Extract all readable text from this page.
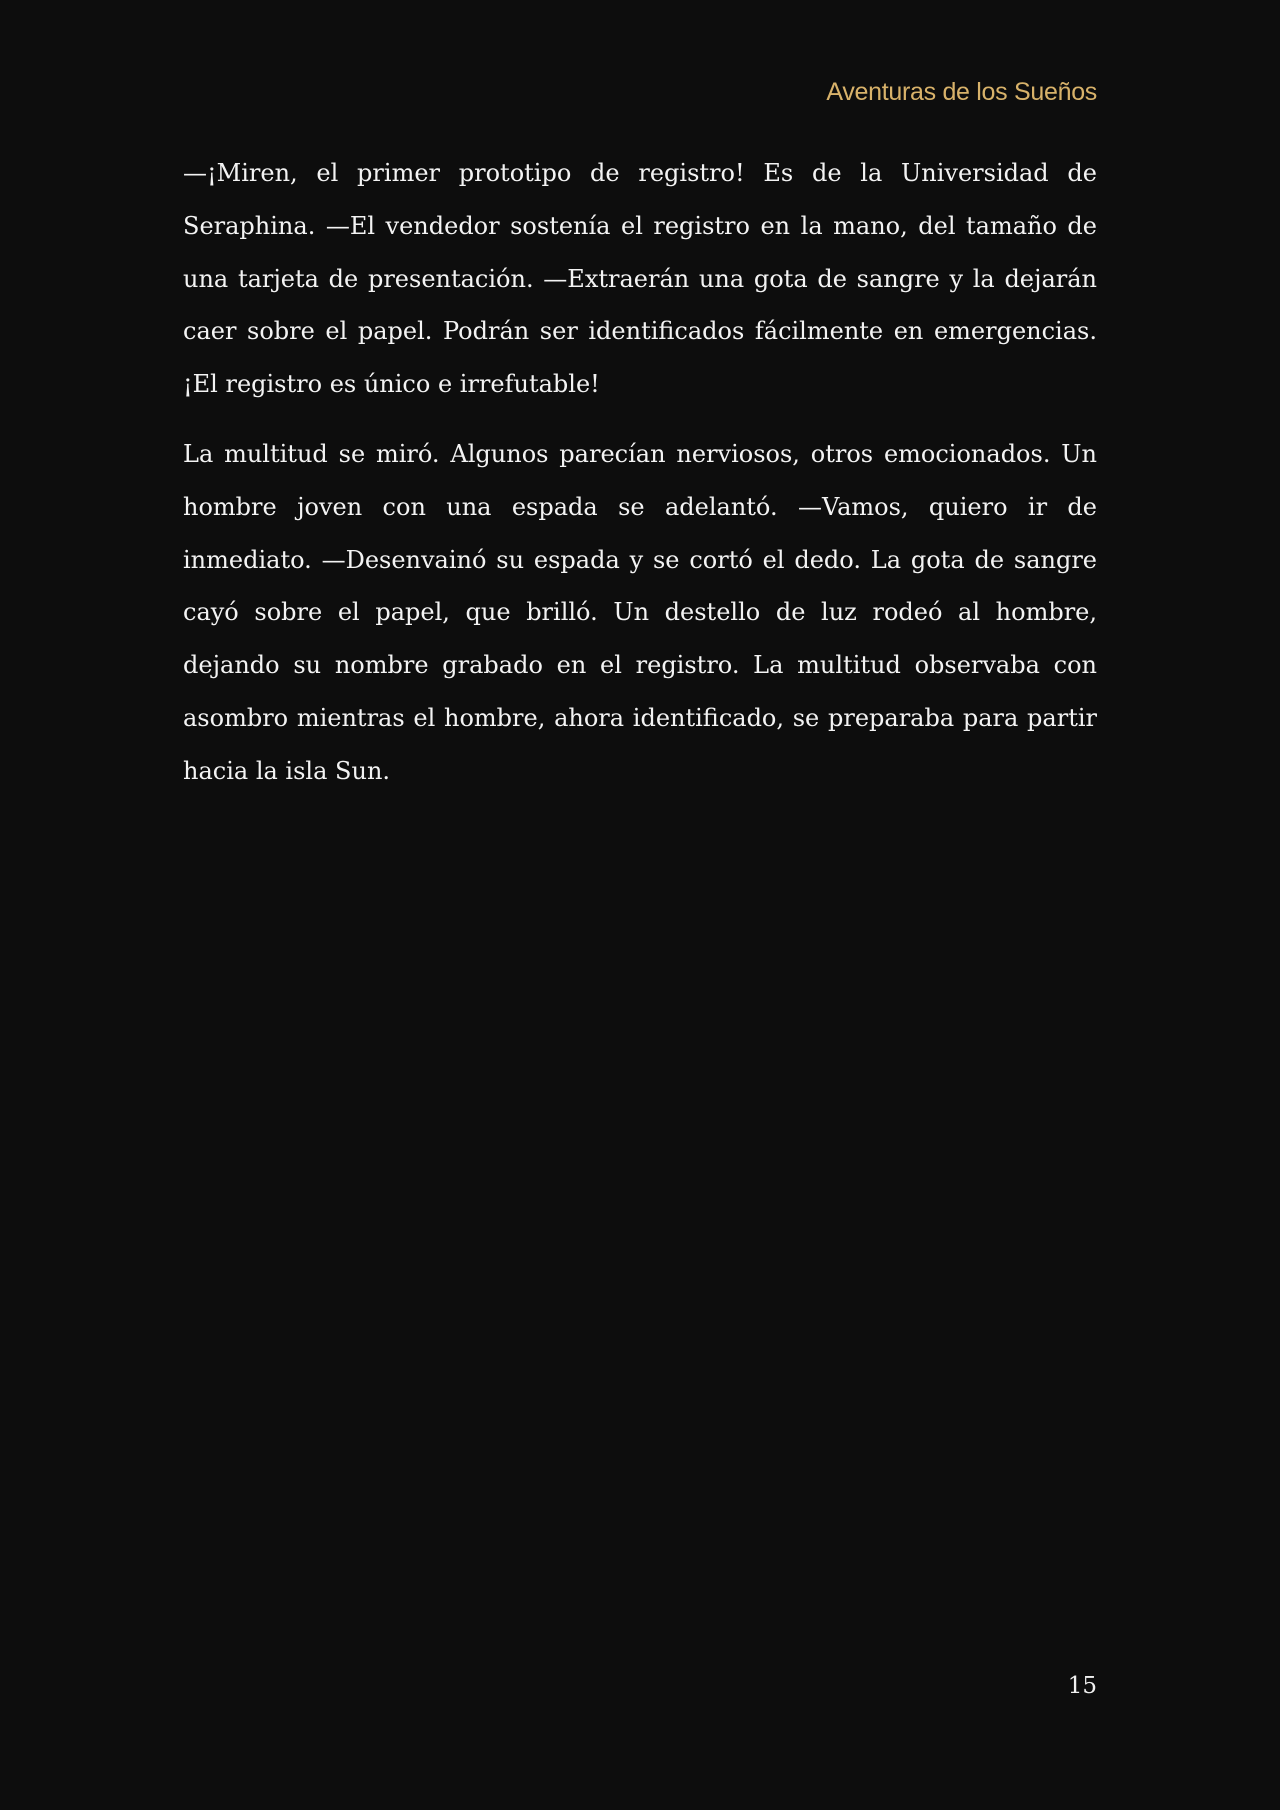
Aventuras de los Sueños

—¡Miren, el primer prototipo de registro! Es de la Universidad de Seraphina. —El vendedor sostenía el registro en la mano, del tamaño de una tarjeta de presentación. —Extraerán una gota de sangre y la dejarán caer sobre el papel. Podrán ser identificados fácilmente en emergencias. ¡El registro es único e irrefutable!

La multitud se miró. Algunos parecían nerviosos, otros emocionados. Un hombre joven con una espada se adelantó. —Vamos, quiero ir de inmediato. —Desenvainó su espada y se cortó el dedo. La gota de sangre cayó sobre el papel, que brilló. Un destello de luz rodeó al hombre, dejando su nombre grabado en el registro. La multitud observaba con asombro mientras el hombre, ahora identificado, se preparaba para partir hacia la isla Sun.

15
